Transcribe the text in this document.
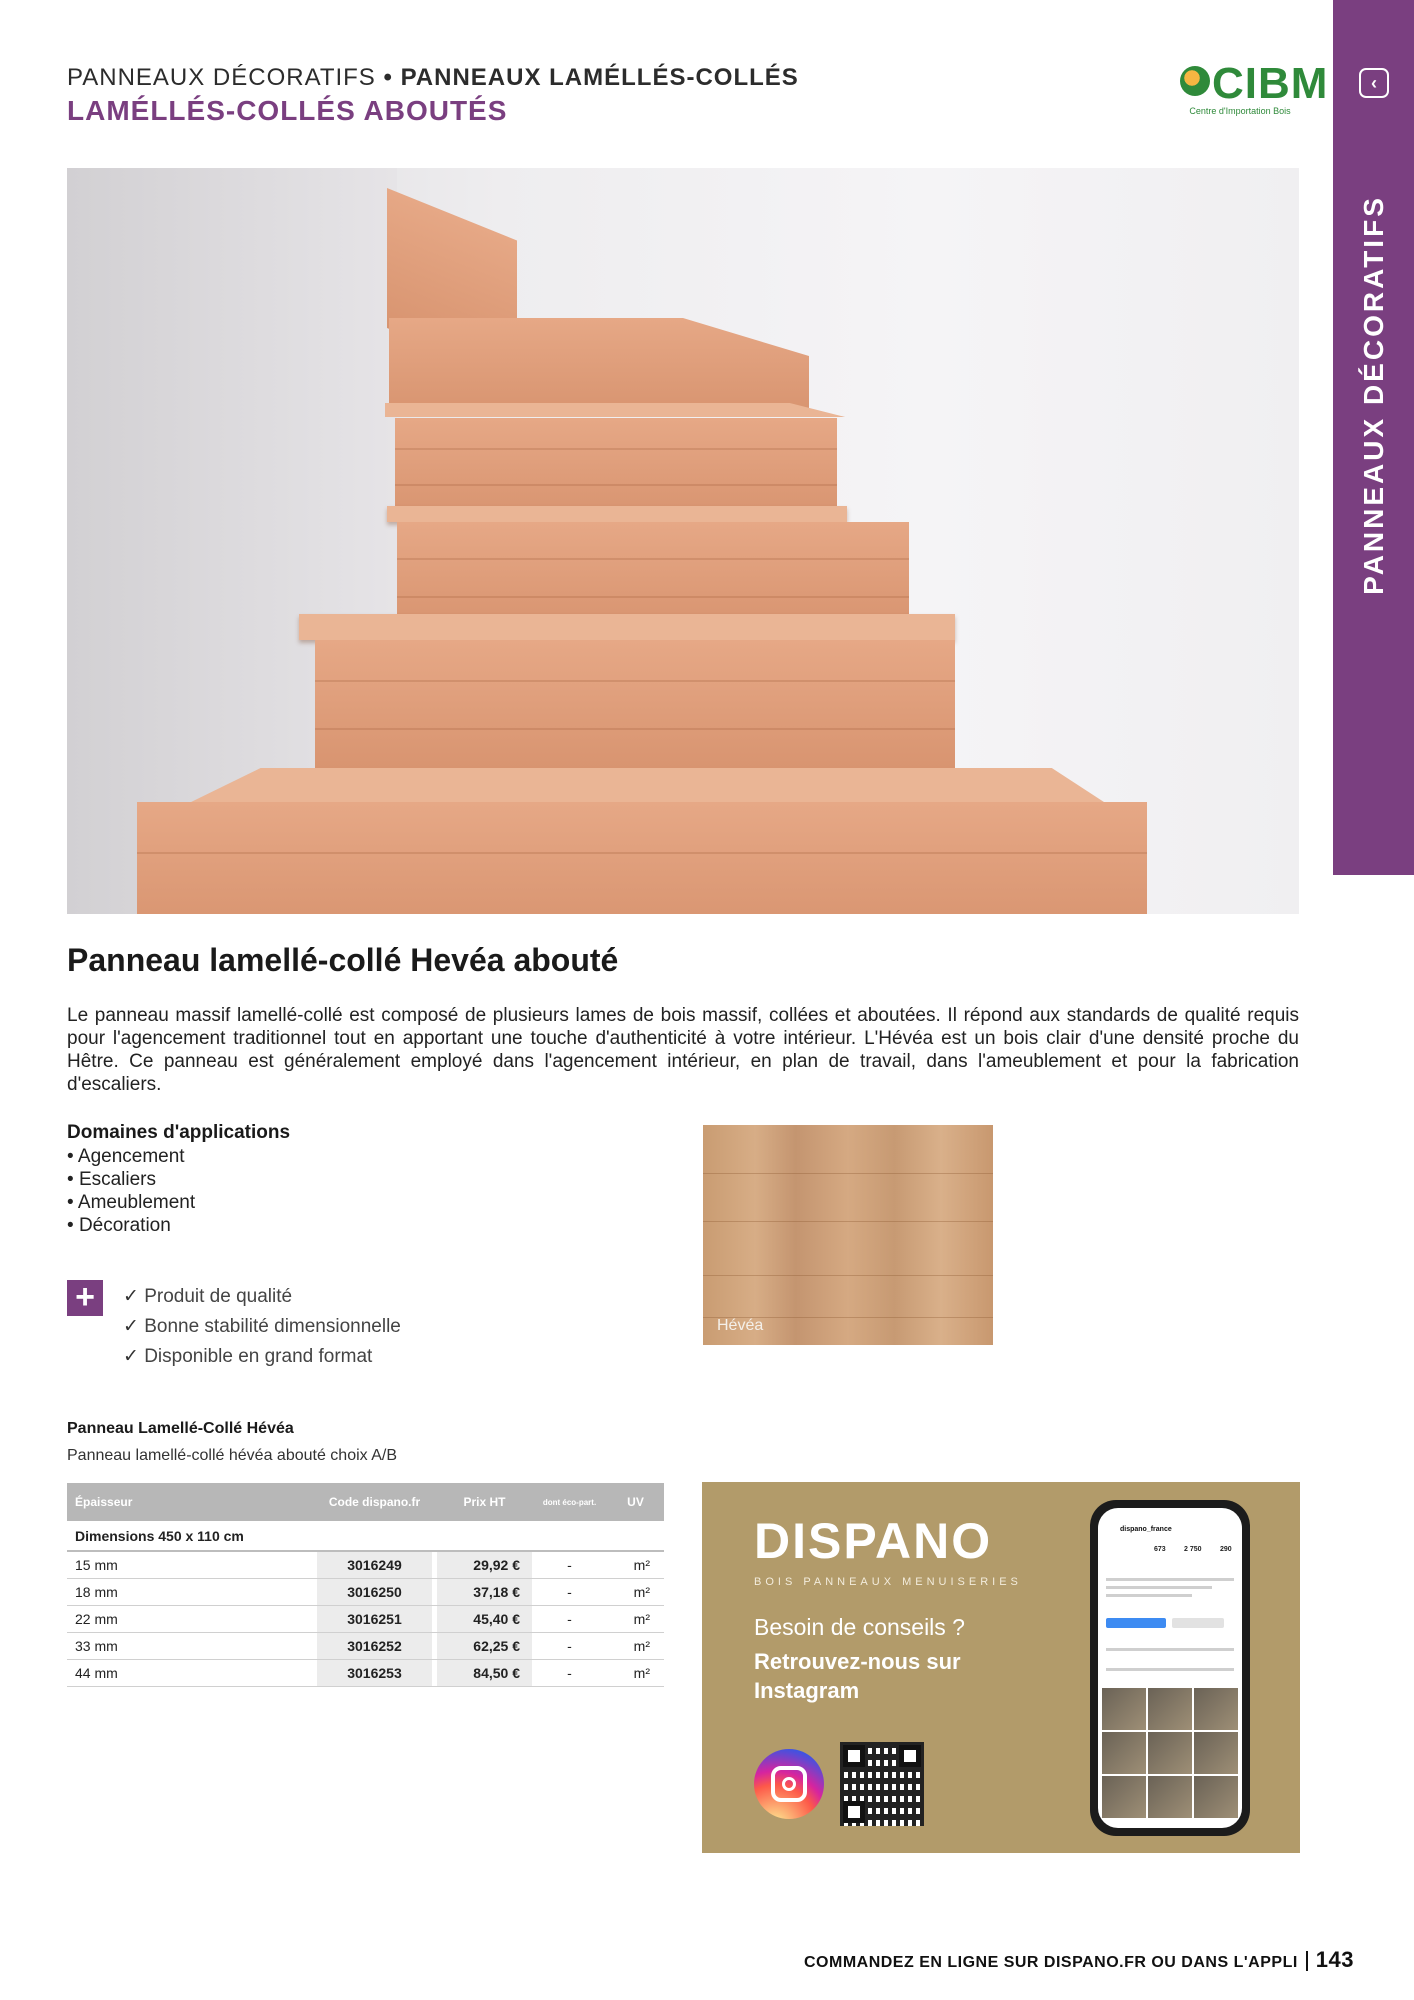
PANNEAUX DÉCORATIFS • PANNEAUX LAMÉLLÉS-COLLÉS
LAMÉLLÉS-COLLÉS ABOUTÉS
CIBM
Centre d'Importation Bois
‹
PANNEAUX DÉCORATIFS
Panneau lamellé-collé Hevéa abouté

Le panneau massif lamellé-collé est composé de plusieurs lames de bois massif, collées et aboutées. Il répond aux standards de qualité requis pour l'agencement traditionnel tout en apportant une touche d'authenticité à votre intérieur. L'Hévéa est un bois clair d'une densité proche du Hêtre. Ce panneau est généralement employé dans l'agencement intérieur, en plan de travail, dans l'ameublement et pour la fabrication d'escaliers.

Domaines d'applications
• Agencement
• Escaliers
• Ameublement
• Décoration
+	✓ Produit de qualité
✓ Bonne stabilité dimensionnelle
✓ Disponible en grand format
Hévéa
Panneau Lamellé-Collé Hévéa
Panneau lamellé-collé hévéa abouté choix A/B
Épaisseur	Code dispano.fr		Prix HT	dont éco-part.	UV
Dimensions 450 x 110 cm					
15 mm	3016249		29,92 €	-	m²
18 mm	3016250		37,18 €	-	m²
22 mm	3016251		45,40 €	-	m²
33 mm	3016252		62,25 €	-	m²
44 mm	3016253		84,50 €	-	m²
DISPANO
BOIS PANNEAUX MENUISERIES
Besoin de conseils ?
Retrouvez-nous sur Instagram
dispano_france
673	2 750	290
COMMANDEZ EN LIGNE SUR DISPANO.FR OU DANS L'APPLI 143
